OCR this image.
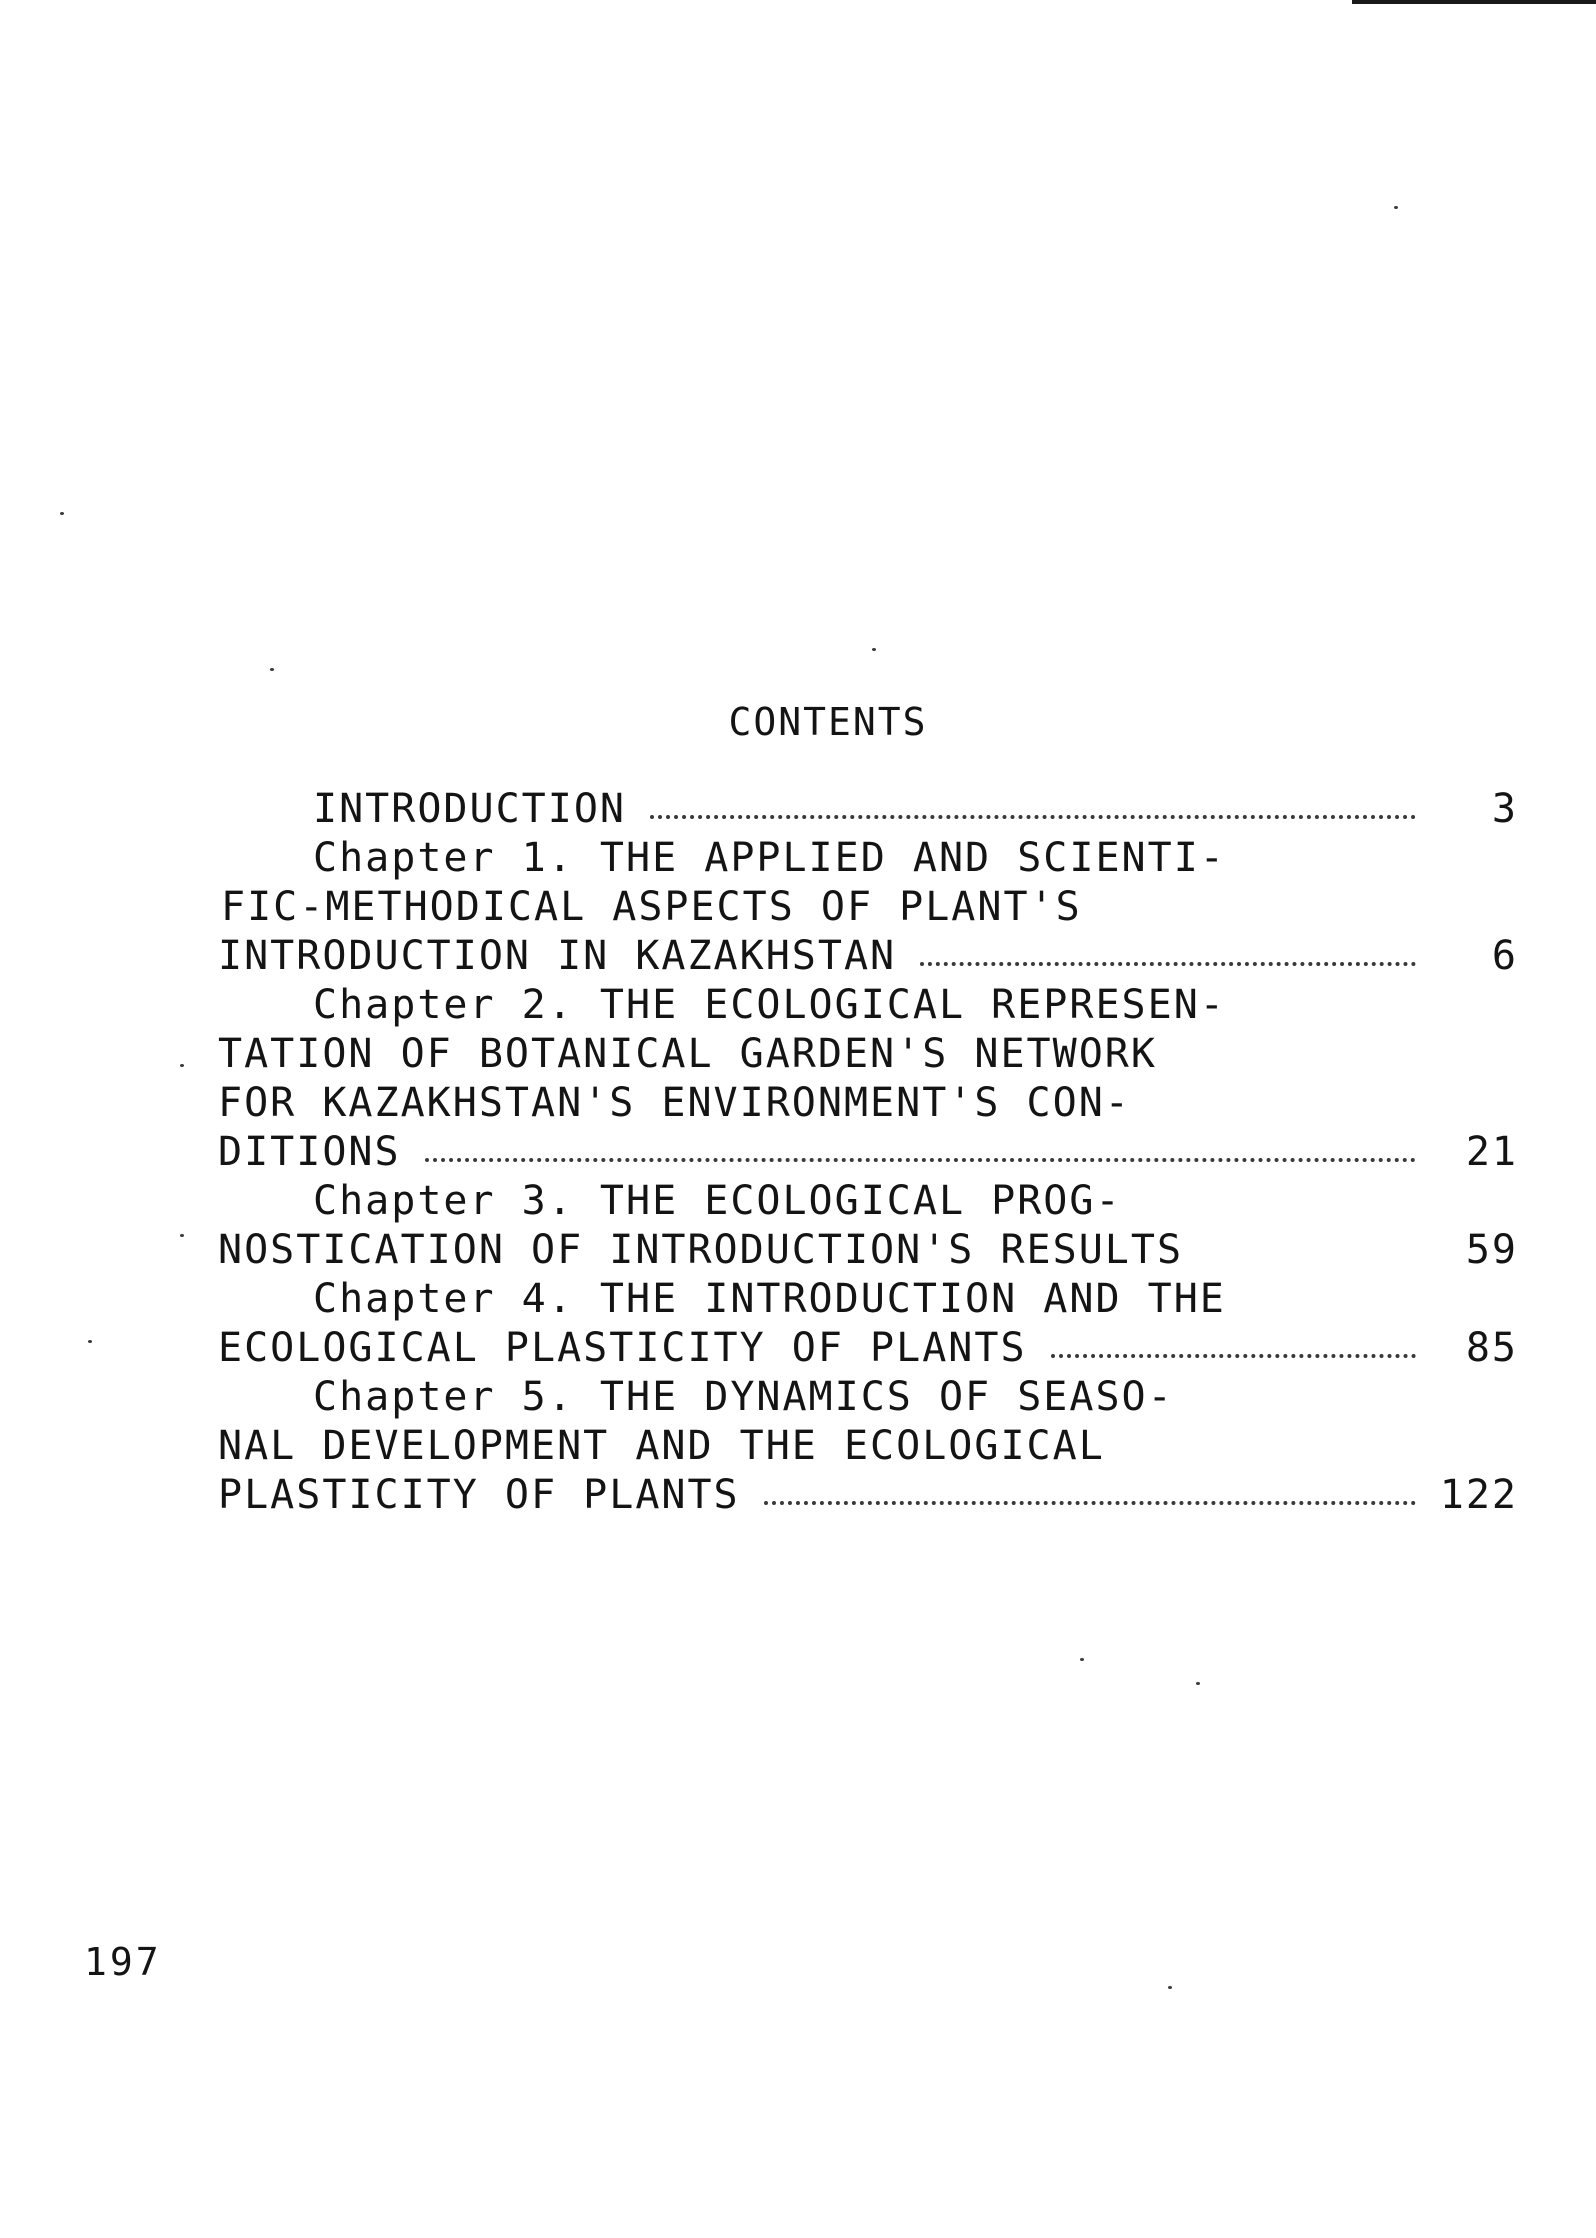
CONTENTS
INTRODUCTION	3
Chapter 1. THE APPLIED AND SCIENTI-
FIC-METHODICAL ASPECTS OF PLANT'S
INTRODUCTION IN KAZAKHSTAN	6
Chapter 2. THE ECOLOGICAL REPRESEN-
TATION OF BOTANICAL GARDEN'S NETWORK
FOR KAZAKHSTAN'S ENVIRONMENT'S CON-
DITIONS	21
Chapter 3. THE ECOLOGICAL PROG-
NOSTICATION OF INTRODUCTION'S RESULTS	59
Chapter 4. THE INTRODUCTION AND THE
ECOLOGICAL PLASTICITY OF PLANTS	85
Chapter 5. THE DYNAMICS OF SEASO-
NAL DEVELOPMENT AND THE ECOLOGICAL
PLASTICITY OF PLANTS	122
197
